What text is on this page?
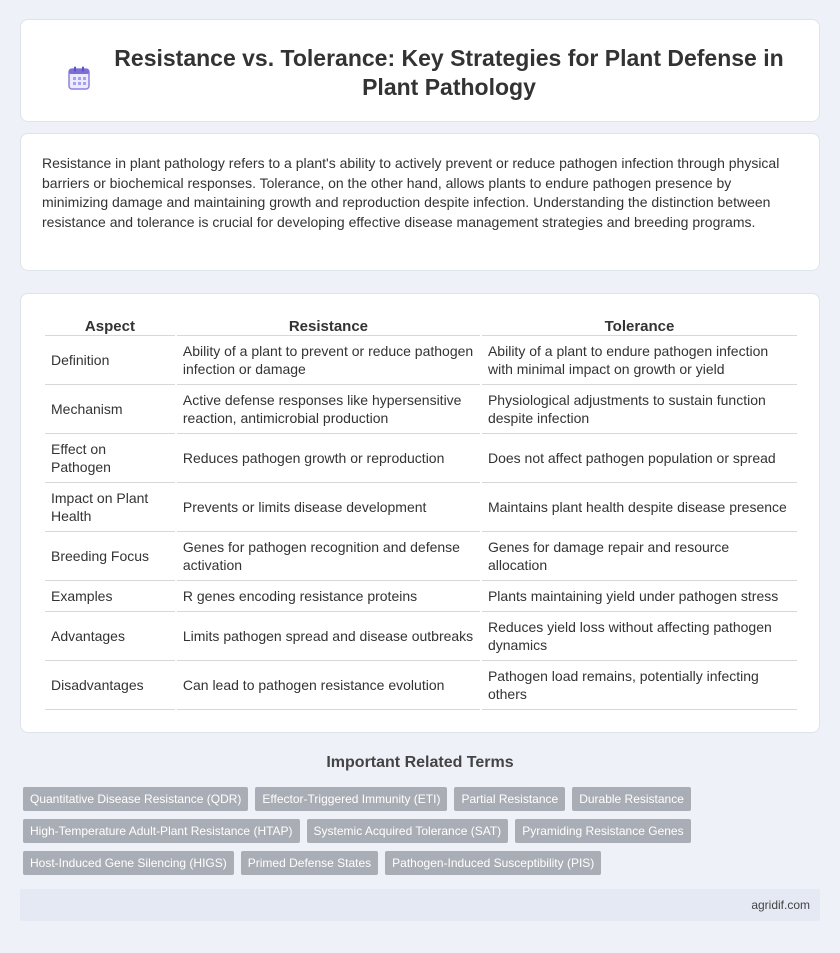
Resistance vs. Tolerance: Key Strategies for Plant Defense in Plant Pathology

Resistance in plant pathology refers to a plant's ability to actively prevent or reduce pathogen infection through physical barriers or biochemical responses. Tolerance, on the other hand, allows plants to endure pathogen presence by minimizing damage and maintaining growth and reproduction despite infection. Understanding the distinction between resistance and tolerance is crucial for developing effective disease management strategies and breeding programs.

Aspect	Resistance	Tolerance
Definition	Ability of a plant to prevent or reduce pathogen infection or damage	Ability of a plant to endure pathogen infection with minimal impact on growth or yield
Mechanism	Active defense responses like hypersensitive reaction, antimicrobial production	Physiological adjustments to sustain function despite infection
Effect on Pathogen	Reduces pathogen growth or reproduction	Does not affect pathogen population or spread
Impact on Plant Health	Prevents or limits disease development	Maintains plant health despite disease presence
Breeding Focus	Genes for pathogen recognition and defense activation	Genes for damage repair and resource allocation
Examples	R genes encoding resistance proteins	Plants maintaining yield under pathogen stress
Advantages	Limits pathogen spread and disease outbreaks	Reduces yield loss without affecting pathogen dynamics
Disadvantages	Can lead to pathogen resistance evolution	Pathogen load remains, potentially infecting others
Important Related Terms
Quantitative Disease Resistance (QDR)	Effector-Triggered Immunity (ETI)	Partial Resistance	Durable Resistance
High-Temperature Adult-Plant Resistance (HTAP)	Systemic Acquired Tolerance (SAT)	Pyramiding Resistance Genes
Host-Induced Gene Silencing (HIGS)	Primed Defense States	Pathogen-Induced Susceptibility (PIS)
agridif.com
